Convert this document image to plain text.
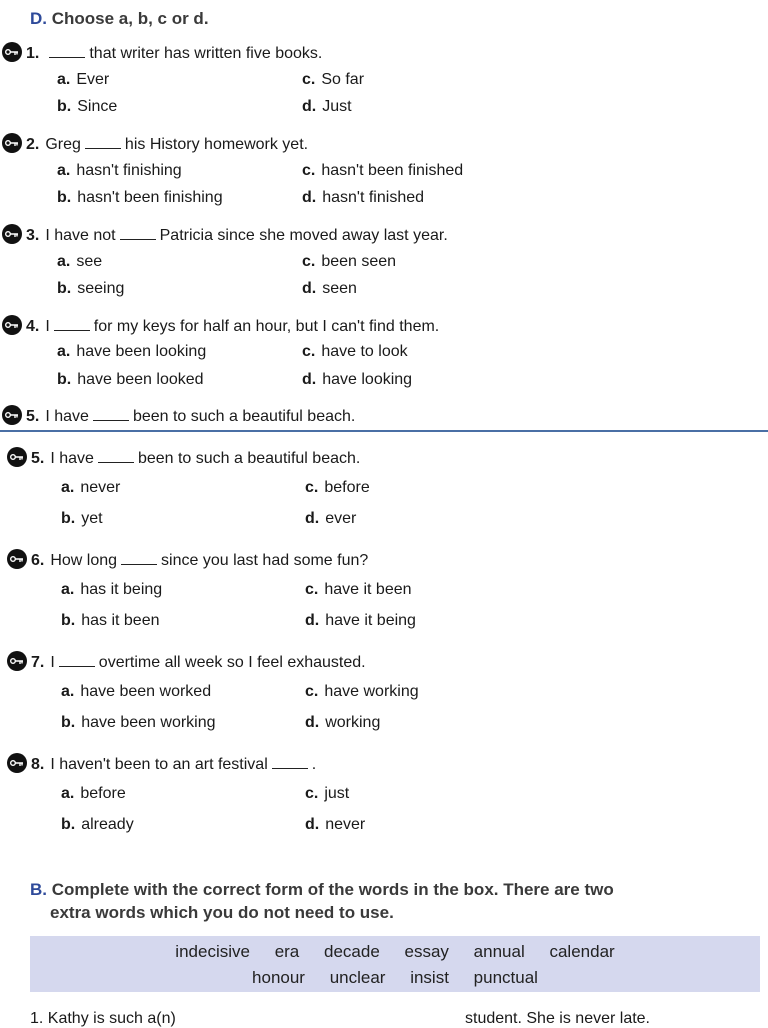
D. Choose a, b, c or d.
1.	that writer has written five books.
a. Ever	c. So far
b. Since	d. Just
2. Greg	his History homework yet.
a. hasn't finishing	c. hasn't been finished
b. hasn't been finishing	d. hasn't finished
3. I have not	Patricia since she moved away last year.
a. see	c. been seen
b. seeing	d. seen
4. I	for my keys for half an hour, but I can't find them.
a. have been looking	c. have to look
b. have been looked	d. have looking
5. I have	been to such a beautiful beach.
5. I have	been to such a beautiful beach.
a. never	c. before
b. yet	d. ever
6. How long	since you last had some fun?
a. has it being	c. have it been
b. has it been	d. have it being
7. I	overtime all week so I feel exhausted.
a. have been worked	c. have working
b. have been working	d. working
8. I haven't been to an art festival	.
a. before	c. just
b. already	d. never
B. Complete with the correct form of the words in the box. There are two
extra words which you do not need to use.
indecisive era decade essay annual calendar
honour unclear insist punctual
1. Kathy is such a(n)	student. She is never late.
